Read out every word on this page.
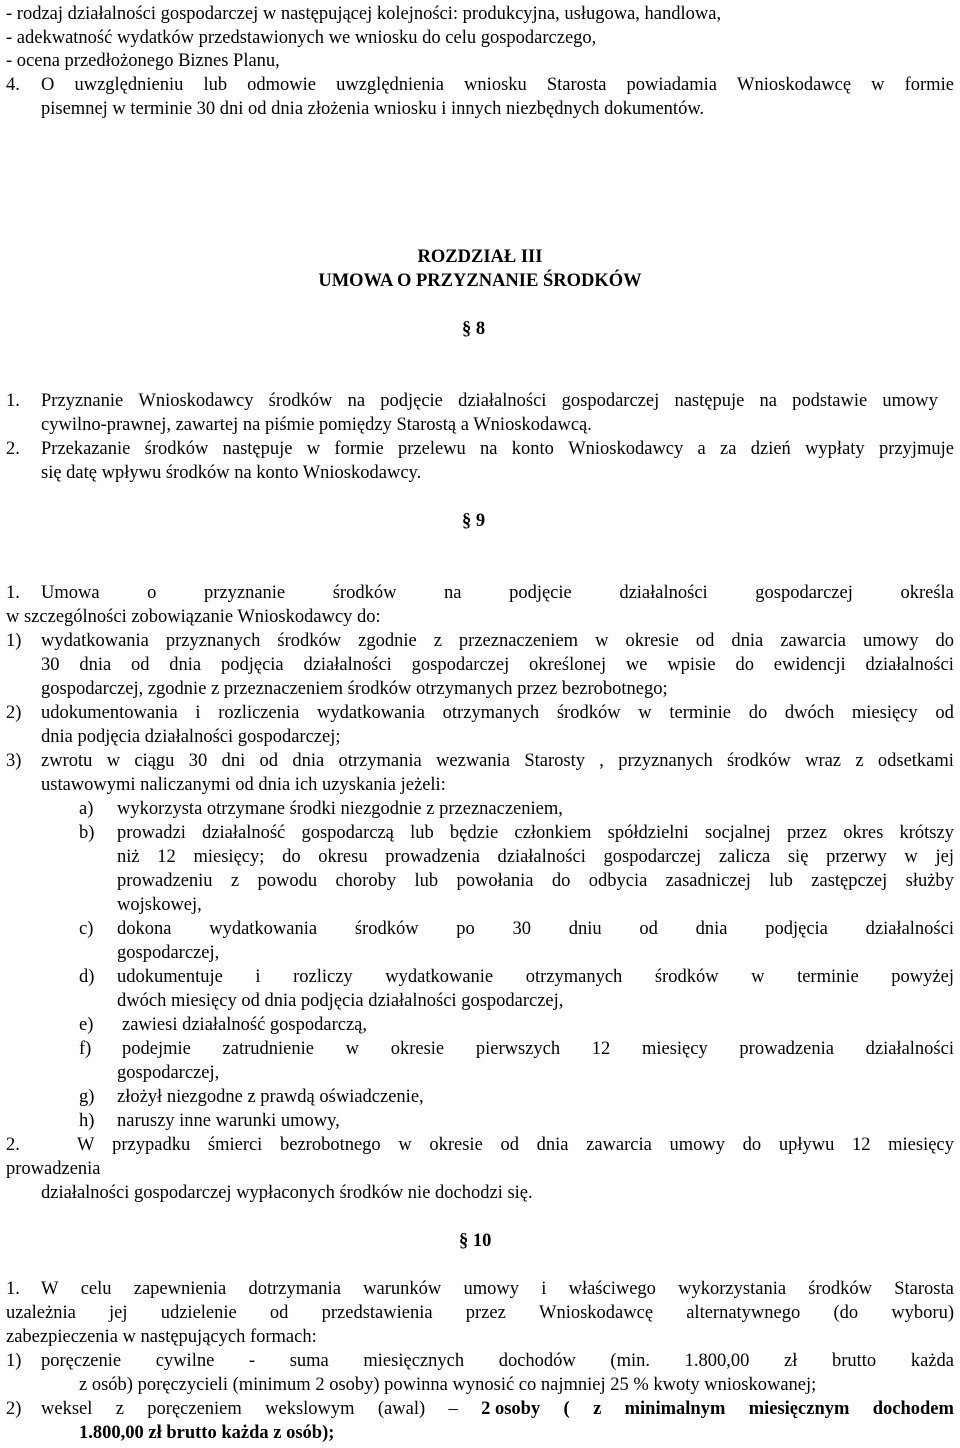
- rodzaj działalności gospodarczej w następującej kolejności: produkcyjna, usługowa, handlowa,
- adekwatność wydatków przedstawionych we wniosku do celu gospodarczego,
- ocena przedłożonego Biznes Planu,
4. O uwzględnieniu lub odmowie uwzględnienia wniosku Starosta powiadamia Wnioskodawcę w formie
pisemnej w terminie 30 dni od dnia złożenia wniosku i innych niezbędnych dokumentów.
ROZDZIAŁ III
UMOWA O PRZYZNANIE ŚRODKÓW
§ 8
1. Przyznanie Wnioskodawcy środków na podjęcie działalności gospodarczej następuje na podstawie umowy
cywilno-prawnej, zawartej na piśmie pomiędzy Starostą a Wnioskodawcą.
2. Przekazanie środków następuje w formie przelewu na konto Wnioskodawcy a za dzień wypłaty przyjmuje
się datę wpływu środków na konto Wnioskodawcy.
§ 9
1. Umowa	o	przyznanie	środków	na	podjęcie	działalności	gospodarczej	określa
w szczególności zobowiązanie Wnioskodawcy do:
1) wydatkowania przyznanych środków zgodnie z przeznaczeniem w okresie od dnia zawarcia umowy do
30 dnia od dnia podjęcia działalności gospodarczej określonej we wpisie do ewidencji działalności
gospodarczej, zgodnie z przeznaczeniem środków otrzymanych przez bezrobotnego;
2) udokumentowania i rozliczenia wydatkowania otrzymanych środków w terminie do dwóch miesięcy od
dnia podjęcia działalności gospodarczej;
3) zwrotu w ciągu 30 dni od dnia otrzymania wezwania Starosty , przyznanych środków wraz z odsetkami
ustawowymi naliczanymi od dnia ich uzyskania jeżeli:
a) wykorzysta otrzymane środki niezgodnie z przeznaczeniem,
b) prowadzi działalność gospodarczą lub będzie członkiem spółdzielni socjalnej przez okres krótszy
niż 12 miesięcy; do okresu prowadzenia działalności gospodarczej zalicza się przerwy w jej
prowadzeniu z powodu choroby lub powołania do odbycia zasadniczej lub zastępczej służby
wojskowej,
c) dokona wydatkowania środków po 30 dniu od dnia podjęcia działalności
gospodarczej,
d) udokumentuje i rozliczy wydatkowanie otrzymanych środków w terminie powyżej
dwóch miesięcy od dnia podjęcia działalności gospodarczej,
e) zawiesi działalność gospodarczą,
f) podejmie zatrudnienie w okresie pierwszych 12 miesięcy prowadzenia działalności
gospodarczej,
g) złożył niezgodne z prawdą oświadczenie,
h) naruszy inne warunki umowy,
2.	W przypadku śmierci bezrobotnego w okresie od dnia zawarcia umowy do upływu 12 miesięcy
prowadzenia
działalności gospodarczej wypłaconych środków nie dochodzi się.
§ 10
1. W celu zapewnienia dotrzymania warunków umowy i właściwego wykorzystania środków Starosta
uzależnia jej udzielenie od przedstawienia przez Wnioskodawcę alternatywnego (do wyboru)
zabezpieczenia w następujących formach:
1) poręczenie cywilne - suma miesięcznych dochodów (min. 1.800,00 zł brutto każda
z osób) poręczycieli (minimum 2 osoby) powinna wynosić co najmniej 25 % kwoty wnioskowanej;
2) weksel z poręczeniem wekslowym (awal) – 2 osoby ( z minimalnym miesięcznym dochodem
1.800,00 zł brutto każda z osób);
